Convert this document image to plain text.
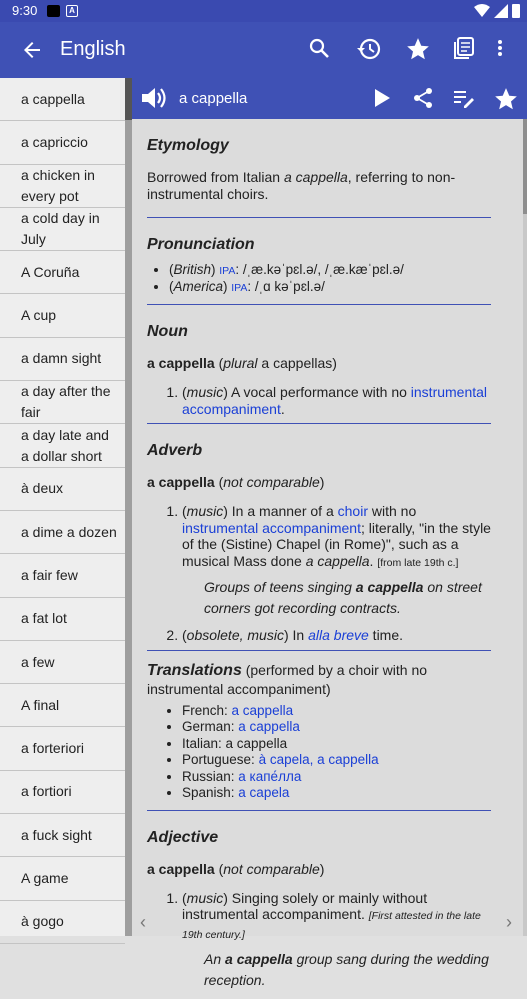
9:30	A
English
a cappella
a capriccio
a chicken in every pot
a cold day in July
A Coruña
A cup
a damn sight
a day after the fair
a day late and a dollar short
à deux
a dime a dozen
a fair few
a fat lot
a few
A final
a forteriori
a fortiori
a fuck sight
A game
à gogo
a cappella
Etymology
Borrowed from Italian a cappella, referring to non-instrumental choirs.
Pronunciation
• (British) IPA: /ˌæ.kəˈpɛl.ə/, /ˌæ.kæˈpɛl.ə/
• (America) IPA: /ˌɑ kəˈpɛl.ə/
Noun
a cappella (plural a cappellas)
1. (music) A vocal performance with no instrumental accompaniment.
Adverb
a cappella (not comparable)
1. (music) In a manner of a choir with no instrumental accompaniment; literally, "in the style of the (Sistine) Chapel (in Rome)", such as a musical Mass done a cappella. [from late 19th c.]
Groups of teens singing a cappella on street corners got recording contracts.
2. (obsolete, music) In alla breve time.
Translations (performed by a choir with no instrumental accompaniment)
• French: a cappella
• German: a cappella
• Italian: a cappella
• Portuguese: à capela, a cappella
• Russian: а капе́лла
• Spanish: a capela
Adjective
a cappella (not comparable)
1. (music) Singing solely or mainly without instrumental accompaniment. [First attested in the late 19th century.]
An a cappella group sang during the wedding reception.
‹	›
